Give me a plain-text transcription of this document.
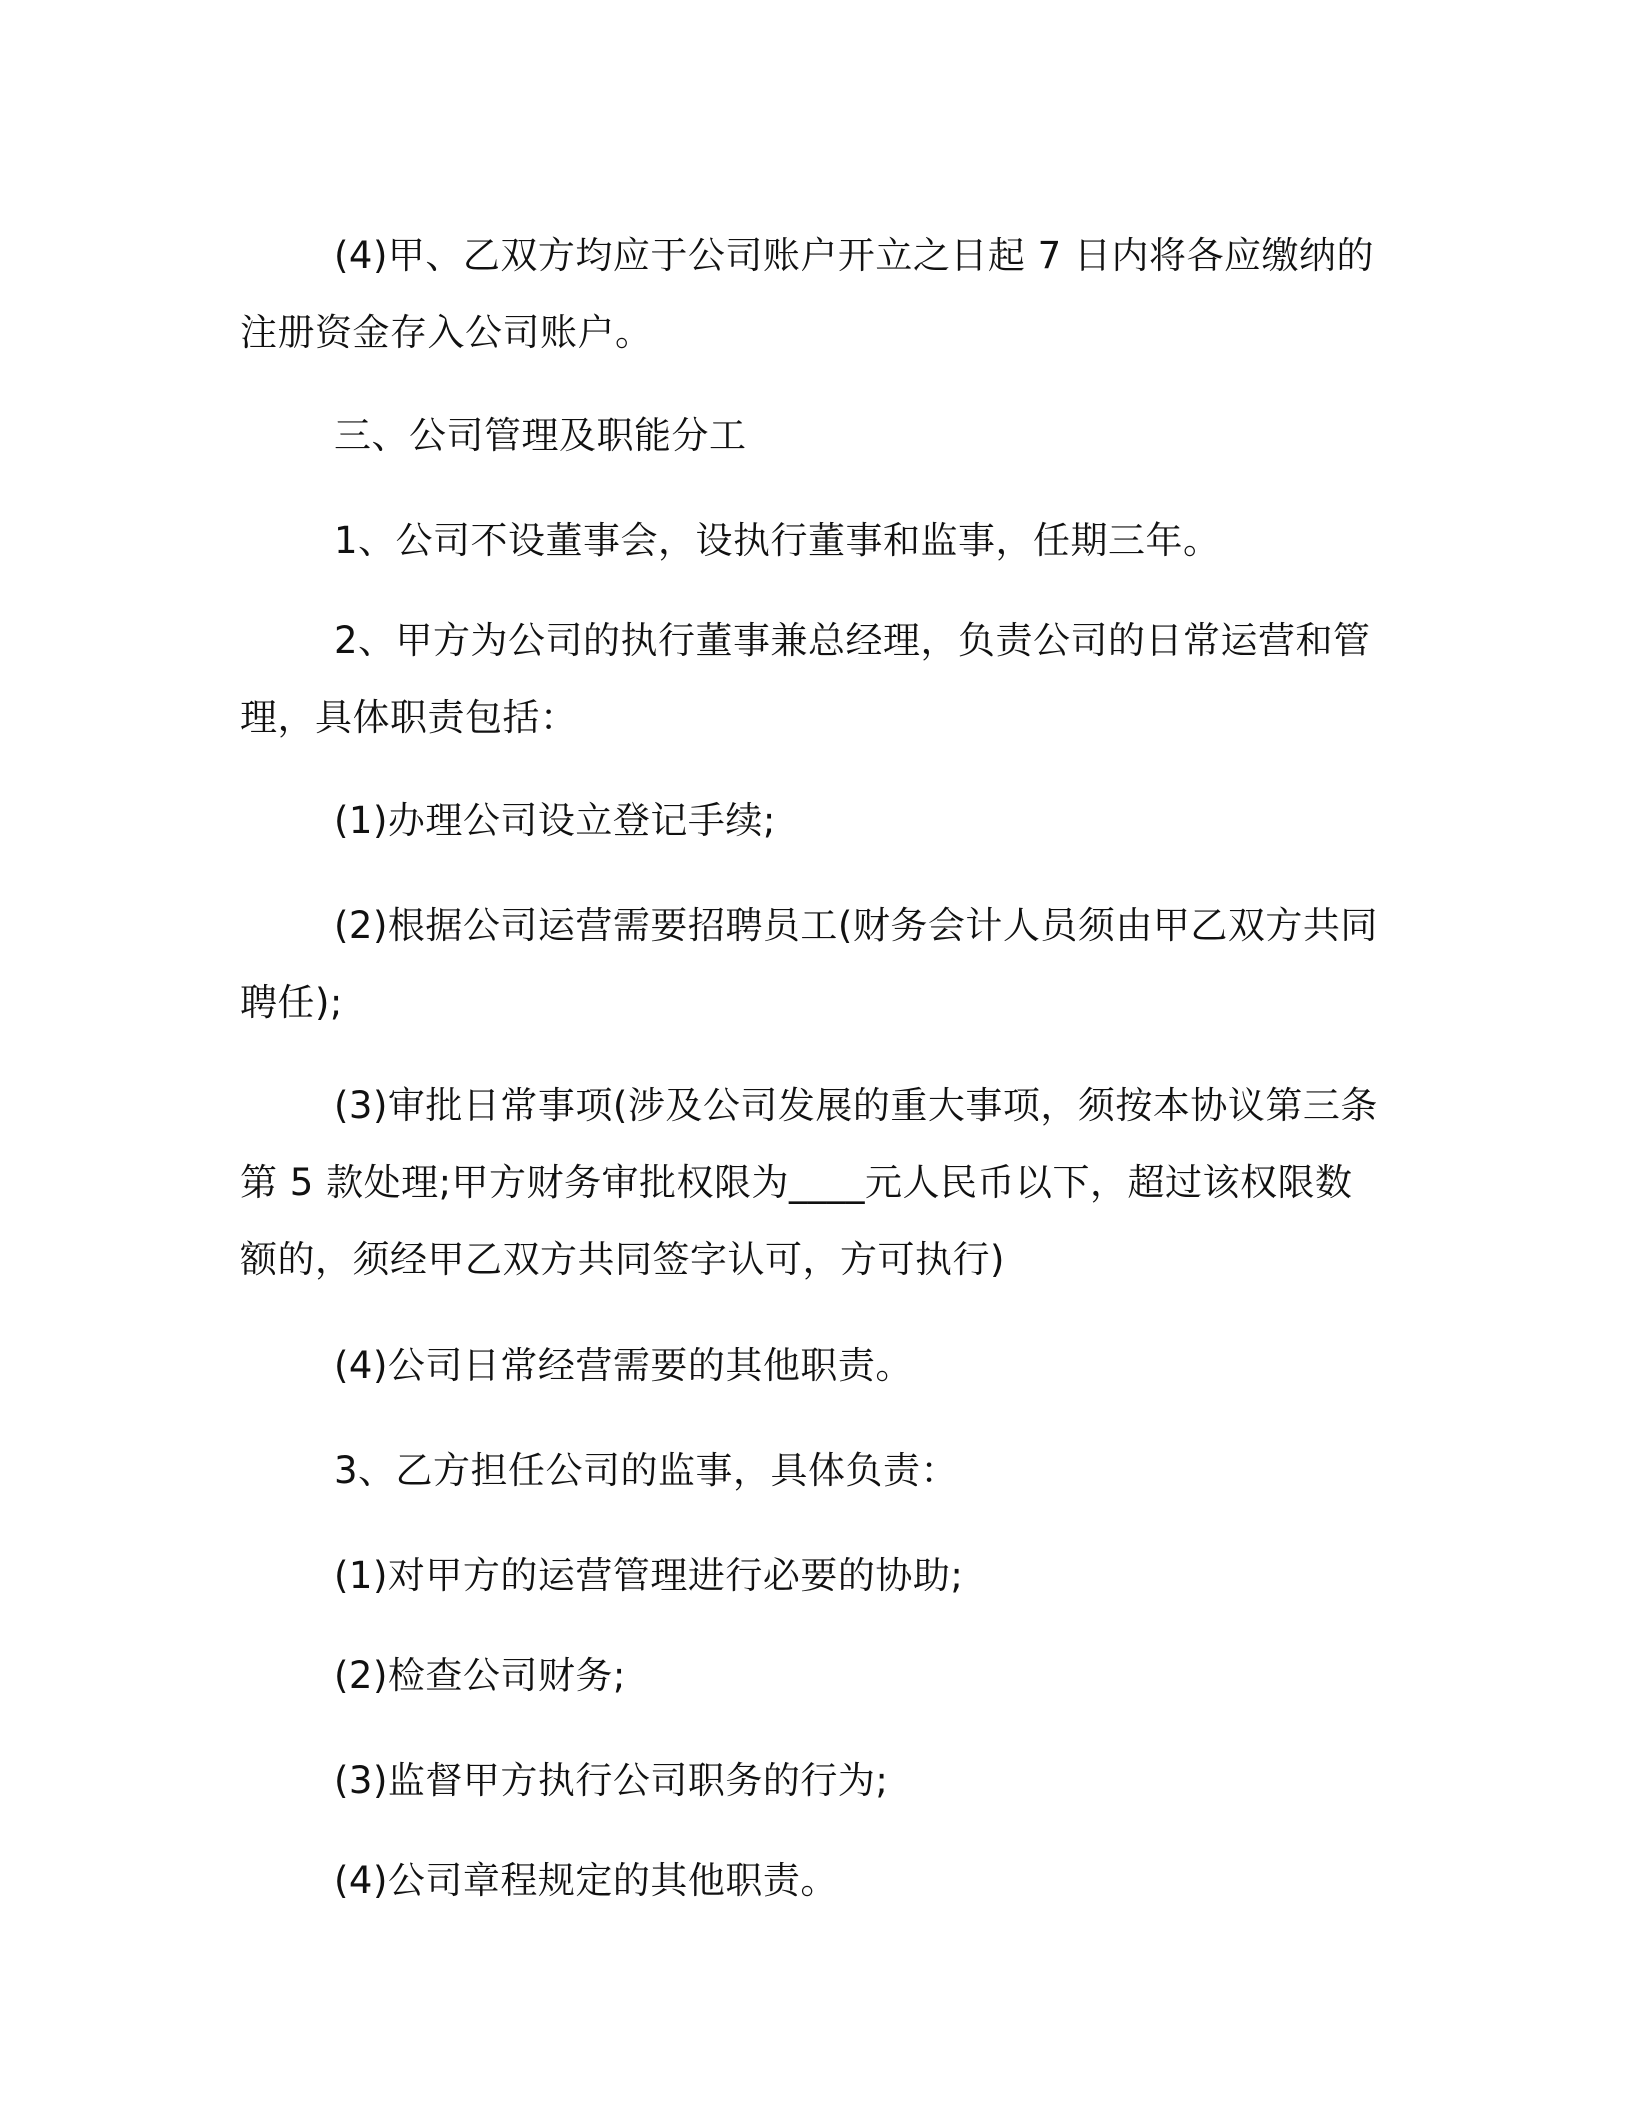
(4)甲、乙双方均应于公司账户开立之日起 7 日内将各应缴纳的注册资金存入公司账户。

三、公司管理及职能分工

1、公司不设董事会，设执行董事和监事，任期三年。

2、甲方为公司的执行董事兼总经理，负责公司的日常运营和管理，具体职责包括：

(1)办理公司设立登记手续;

(2)根据公司运营需要招聘员工(财务会计人员须由甲乙双方共同聘任);

(3)审批日常事项(涉及公司发展的重大事项，须按本协议第三条第 5 款处理;甲方财务审批权限为____元人民币以下，超过该权限数额的，须经甲乙双方共同签字认可，方可执行)

(4)公司日常经营需要的其他职责。

3、乙方担任公司的监事，具体负责：

(1)对甲方的运营管理进行必要的协助;

(2)检查公司财务;

(3)监督甲方执行公司职务的行为;

(4)公司章程规定的其他职责。
